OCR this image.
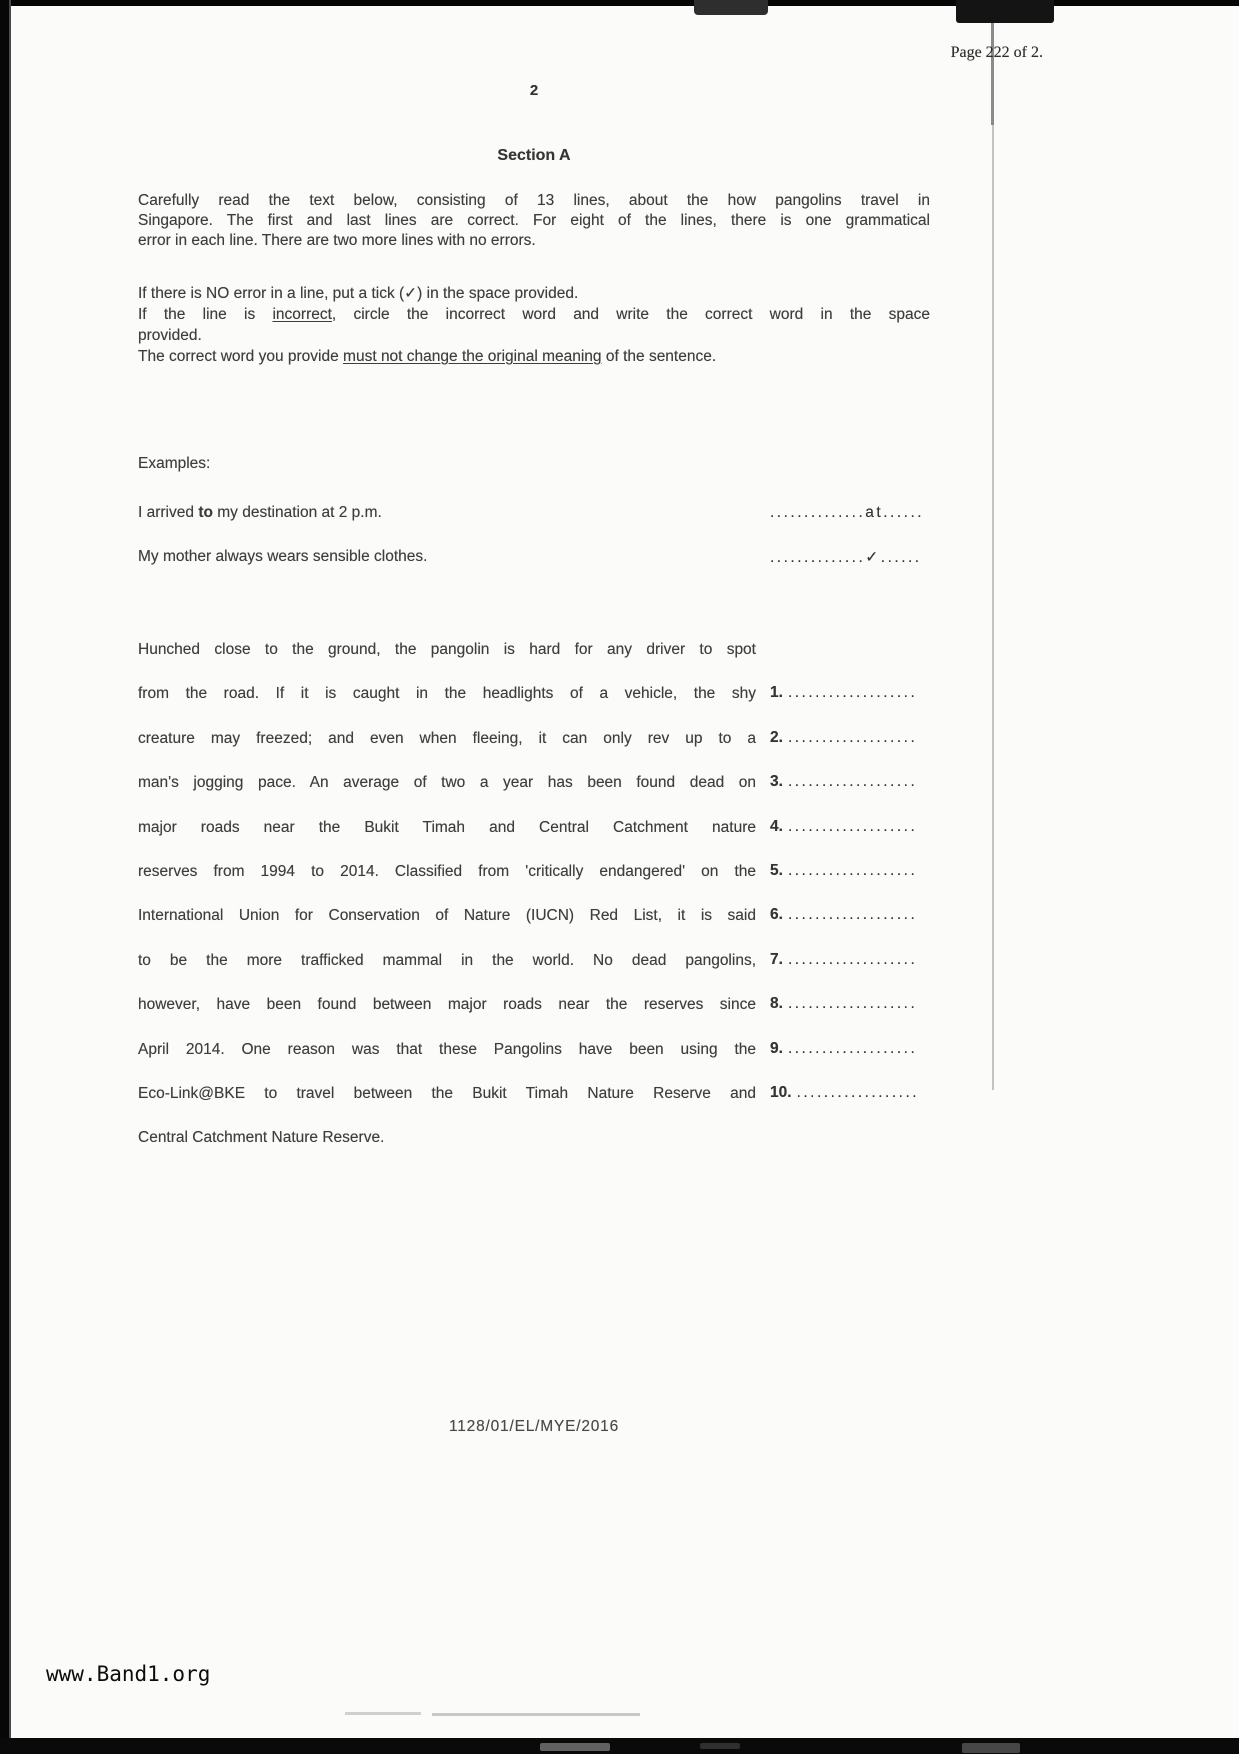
Page 222 of 2.
2
Section A
Carefully read the text below, consisting of 13 lines, about the how pangolins travel in
Singapore. The first and last lines are correct. For eight of the lines, there is one grammatical
error in each line. There are two more lines with no errors.
If there is NO error in a line, put a tick (✓) in the space provided.
If the line is incorrect, circle the incorrect word and write the correct word in the space
provided.
The correct word you provide must not change the original meaning of the sentence.
Examples:
I arrived to my destination at 2 p.m.	..............at......
My mother always wears sensible clothes.	..............✓......
Hunched close to the ground, the pangolin is hard for any driver to spot
from the road. If it is caught in the headlights of a vehicle, the shy 1. ...................
creature may freezed; and even when fleeing, it can only rev up to a 2. ...................
man's jogging pace. An average of two a year has been found dead on 3. ...................
major roads near the Bukit Timah and Central Catchment nature 4. ...................
reserves from 1994 to 2014. Classified from 'critically endangered' on the 5. ...................
International Union for Conservation of Nature (IUCN) Red List, it is said 6. ...................
to be the more trafficked mammal in the world. No dead pangolins, 7. ...................
however, have been found between major roads near the reserves since 8. ...................
April 2014. One reason was that these Pangolins have been using the 9. ...................
Eco-Link@BKE to travel between the Bukit Timah Nature Reserve and 10. ..................
Central Catchment Nature Reserve.
1128/01/EL/MYE/2016
www.Band1.org
